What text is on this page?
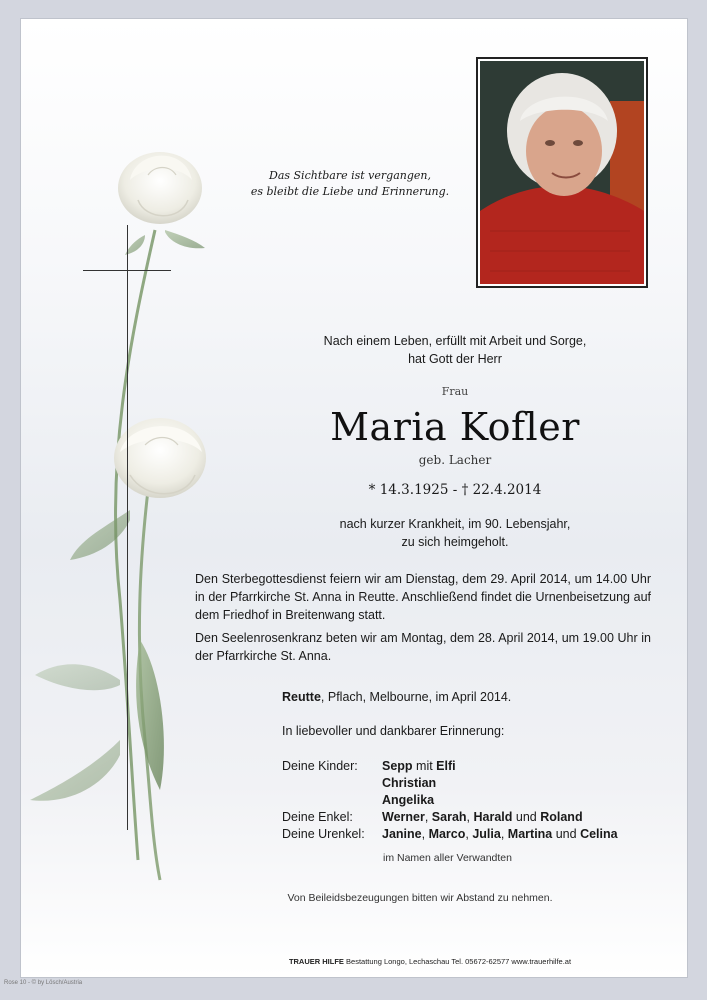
Das Sichtbare ist vergangen,
es bleibt die Liebe und Erinnerung.
Nach einem Leben, erfüllt mit Arbeit und Sorge,
hat Gott der Herr
Frau
Maria Kofler
geb. Lacher
* 14.3.1925 - † 22.4.2014
nach kurzer Krankheit, im 90. Lebensjahr,
zu sich heimgeholt.
Den Sterbegottesdienst feiern wir am Dienstag, dem 29. April 2014, um 14.00 Uhr in der Pfarrkirche St. Anna in Reutte. Anschließend findet die Urnenbeisetzung auf dem Friedhof in Breitenwang statt.
Den Seelenrosenkranz beten wir am Montag, dem 28. April 2014, um 19.00 Uhr in der Pfarrkirche St. Anna.
Reutte, Pflach, Melbourne, im April 2014.
In liebevoller und dankbarer Erinnerung:
Deine Kinder:	Sepp mit Elfi
Christian
Angelika
Deine Enkel:	Werner, Sarah, Harald und Roland
Deine Urenkel:	Janine, Marco, Julia, Martina und Celina
im Namen aller Verwandten
Von Beileidsbezeugungen bitten wir Abstand zu nehmen.
TRAUER HILFE Bestattung Longo, Lechaschau Tel. 05672-62577 www.trauerhilfe.at
Rose 10 - © by Lösch/Austria
